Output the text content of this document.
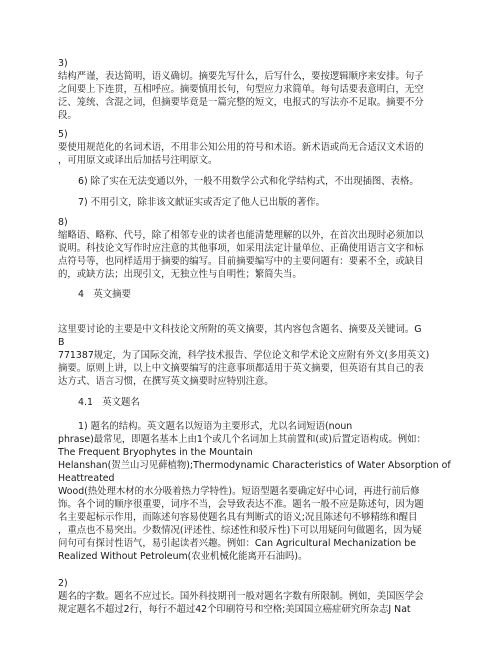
3)
结构严谨，表达简明，语义确切。摘要先写什么，后写什么，要按逻辑顺序来安排。句子
之间要上下连贯，互相呼应。摘要慎用长句，句型应力求简单。每句话要表意明白，无空
泛、笼统、含混之词，但摘要毕竟是一篇完整的短文，电报式的写法亦不足取。摘要不分
段。
5)
要使用规范化的名词术语，不用非公知公用的符号和术语。新术语或尚无合适汉文术语的
，可用原文或译出后加括号注明原文。
6) 除了实在无法变通以外，一般不用数学公式和化学结构式，不出现插图、表格。
7) 不用引文，除非该文献证实或否定了他人已出版的著作。
8)
缩略语、略称、代号，除了相邻专业的读者也能清楚理解的以外，在首次出现时必须加以
说明。科技论文写作时应注意的其他事项，如采用法定计量单位、正确使用语言文字和标
点符号等，也同样适用于摘要的编写。目前摘要编写中的主要问题有：要素不全，或缺目
的，或缺方法；出现引文，无独立性与自明性；繁简失当。
4　英文摘要
这里要讨论的主要是中文科技论文所附的英文摘要，其内容包含题名、摘要及关键词。G
B
771387规定，为了国际交流，科学技术报告、学位论文和学术论文应附有外文(多用英文)
摘要。原则上讲，以上中文摘要编写的注意事项都适用于英文摘要，但英语有其自己的表
达方式、语言习惯，在撰写英文摘要时应特别注意。
4.1　英文题名
1) 题名的结构。英文题名以短语为主要形式，尤以名词短语(noun
phrase)最常见，即题名基本上由1个或几个名词加上其前置和(或)后置定语构成。例如：
The Frequent Bryophytes in the Mountain
Helanshan(贺兰山习见藓植物);Thermodynamic Characteristics of Water Absorption of
Heattreated
Wood(热处理木材的水分吸着热力学特性)。短语型题名要确定好中心词，再进行前后修
饰。各个词的顺序很重要，词序不当，会导致表达不准。题名一般不应是陈述句，因为题
名主要起标示作用，而陈述句容易使题名具有判断式的语义;况且陈述句不够精练和醒目
，重点也不易突出。少数情况(评述性、综述性和驳斥性)下可以用疑问句做题名，因为疑
问句可有探讨性语气，易引起读者兴趣。例如：Can Agricultural Mechanization be
Realized Without Petroleum(农业机械化能离开石油吗)。
2)
题名的字数。题名不应过长。国外科技期刊一般对题名字数有所限制。例如，美国医学会
规定题名不超过2行，每行不超过42个印刷符号和空格;美国国立癌症研究所杂志J Nat
